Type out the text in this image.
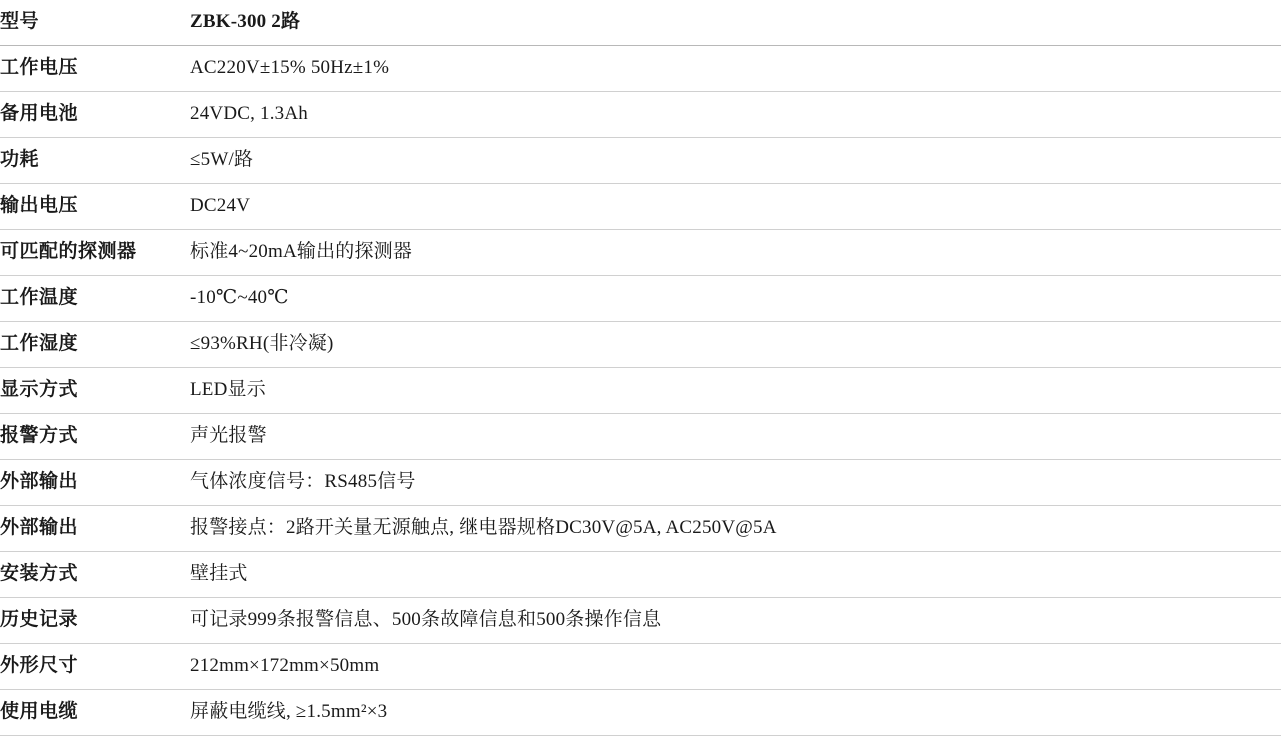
型号	ZBK-300 2路
工作电压	AC220V±15% 50Hz±1%
备用电池	24VDC, 1.3Ah
功耗	≤5W/路
输出电压	DC24V
可匹配的探测器	标准4~20mA输出的探测器
工作温度	-10℃~40℃
工作湿度	≤93%RH(非冷凝)
显示方式	LED显示
报警方式	声光报警
外部输出	气体浓度信号：RS485信号
外部输出	报警接点：2路开关量无源触点, 继电器规格DC30V@5A, AC250V@5A
安装方式	壁挂式
历史记录	可记录999条报警信息、500条故障信息和500条操作信息
外形尺寸	212mm×172mm×50mm
使用电缆	屏蔽电缆线, ≥1.5mm²×3
